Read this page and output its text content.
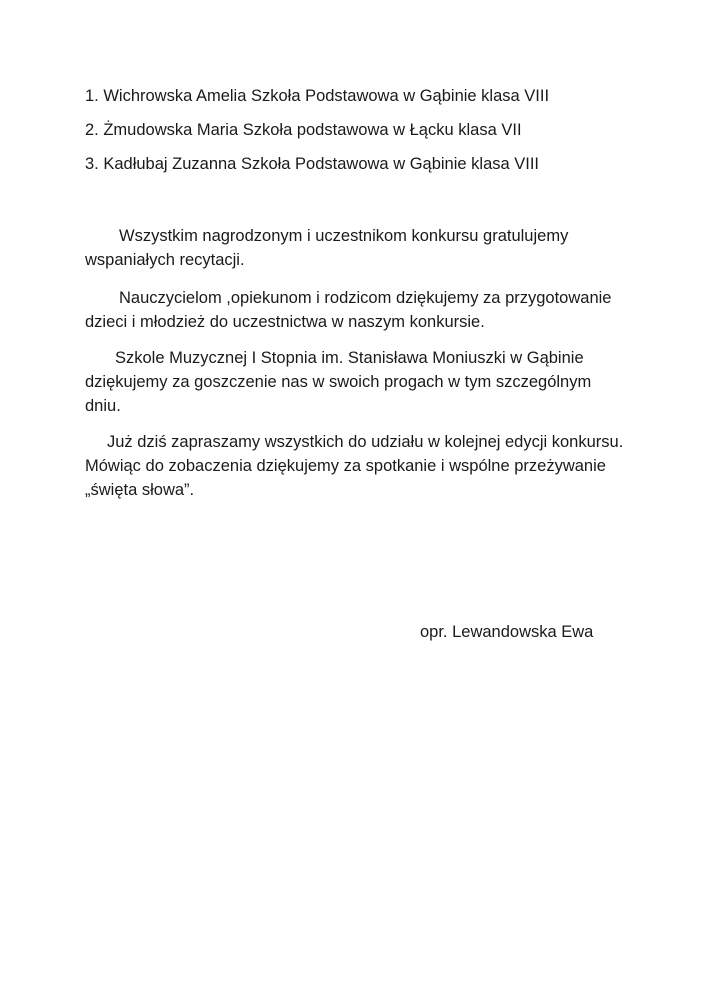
1. Wichrowska Amelia Szkoła Podstawowa w Gąbinie klasa VIII
2. Żmudowska Maria Szkoła podstawowa w Łącku klasa VII
3. Kadłubaj Zuzanna Szkoła Podstawowa w Gąbinie klasa VIII

Wszystkim nagrodzonym i uczestnikom konkursu gratulujemy wspaniałych recytacji.

Nauczycielom ,opiekunom i rodzicom dziękujemy za przygotowanie dzieci i młodzież do uczestnictwa w naszym konkursie.

Szkole Muzycznej I Stopnia im. Stanisława Moniuszki w Gąbinie dziękujemy za goszczenie nas w swoich progach w tym szczególnym dniu.

Już dziś zapraszamy wszystkich do udziału w kolejnej edycji konkursu. Mówiąc do zobaczenia dziękujemy za spotkanie i wspólne przeżywanie „święta słowa”.

opr. Lewandowska Ewa
